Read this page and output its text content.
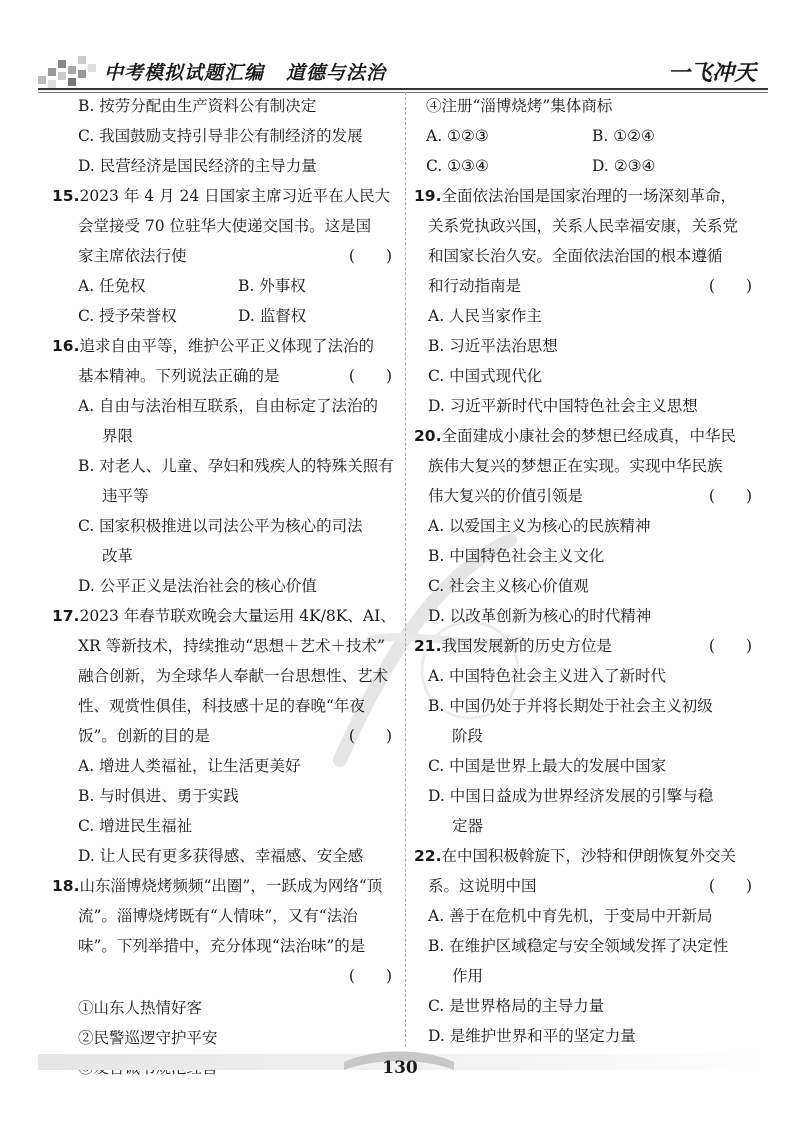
中考模拟试题汇编 道德与法治	一飞冲天
B. 按劳分配由生产资料公有制决定
C. 我国鼓励支持引导非公有制经济的发展
D. 民营经济是国民经济的主导力量
15.2023 年 4 月 24 日国家主席习近平在人民大
会堂接受 70 位驻华大使递交国书。这是国
家主席依法行使	(　　)
A. 任免权	B. 外事权
C. 授予荣誉权	D. 监督权
16.追求自由平等，维护公平正义体现了法治的
基本精神。下列说法正确的是	(　　)
A. 自由与法治相互联系，自由标定了法治的
界限
B. 对老人、儿童、孕妇和残疾人的特殊关照有
违平等
C. 国家积极推进以司法公平为核心的司法
改革
D. 公平正义是法治社会的核心价值
17.2023 年春节联欢晚会大量运用 4K/8K、AI、
XR 等新技术，持续推动“思想＋艺术＋技术”
融合创新，为全球华人奉献一台思想性、艺术
性、观赏性俱佳，科技感十足的春晚“年夜
饭”。创新的目的是	(　　)
A. 增进人类福祉，让生活更美好
B. 与时俱进、勇于实践
C. 增进民生福祉
D. 让人民有更多获得感、幸福感、安全感
18.山东淄博烧烤频频“出圈”，一跃成为网络“顶
流”。淄博烧烤既有“人情味”，又有“法治
味”。下列举措中，充分体现“法治味”的是
(　　)
①山东人热情好客
②民警巡逻守护平安
④注册“淄博烧烤”集体商标
A. ①②③	B. ①②④
C. ①③④	D. ②③④
19.全面依法治国是国家治理的一场深刻革命，
关系党执政兴国，关系人民幸福安康，关系党
和国家长治久安。全面依法治国的根本遵循
和行动指南是	(　　)
A. 人民当家作主
B. 习近平法治思想
C. 中国式现代化
D. 习近平新时代中国特色社会主义思想
20.全面建成小康社会的梦想已经成真，中华民
族伟大复兴的梦想正在实现。实现中华民族
伟大复兴的价值引领是	(　　)
A. 以爱国主义为核心的民族精神
B. 中国特色社会主义文化
C. 社会主义核心价值观
D. 以改革创新为核心的时代精神
21.我国发展新的历史方位是	(　　)
A. 中国特色社会主义进入了新时代
B. 中国仍处于并将长期处于社会主义初级
阶段
C. 中国是世界上最大的发展中国家
D. 中国日益成为世界经济发展的引擎与稳
定器
22.在中国积极斡旋下，沙特和伊朗恢复外交关
系。这说明中国	(　　)
A. 善于在危机中育先机，于变局中开新局
B. 在维护区域稳定与安全领域发挥了决定性
作用
C. 是世界格局的主导力量
D. 是维护世界和平的坚定力量
130
